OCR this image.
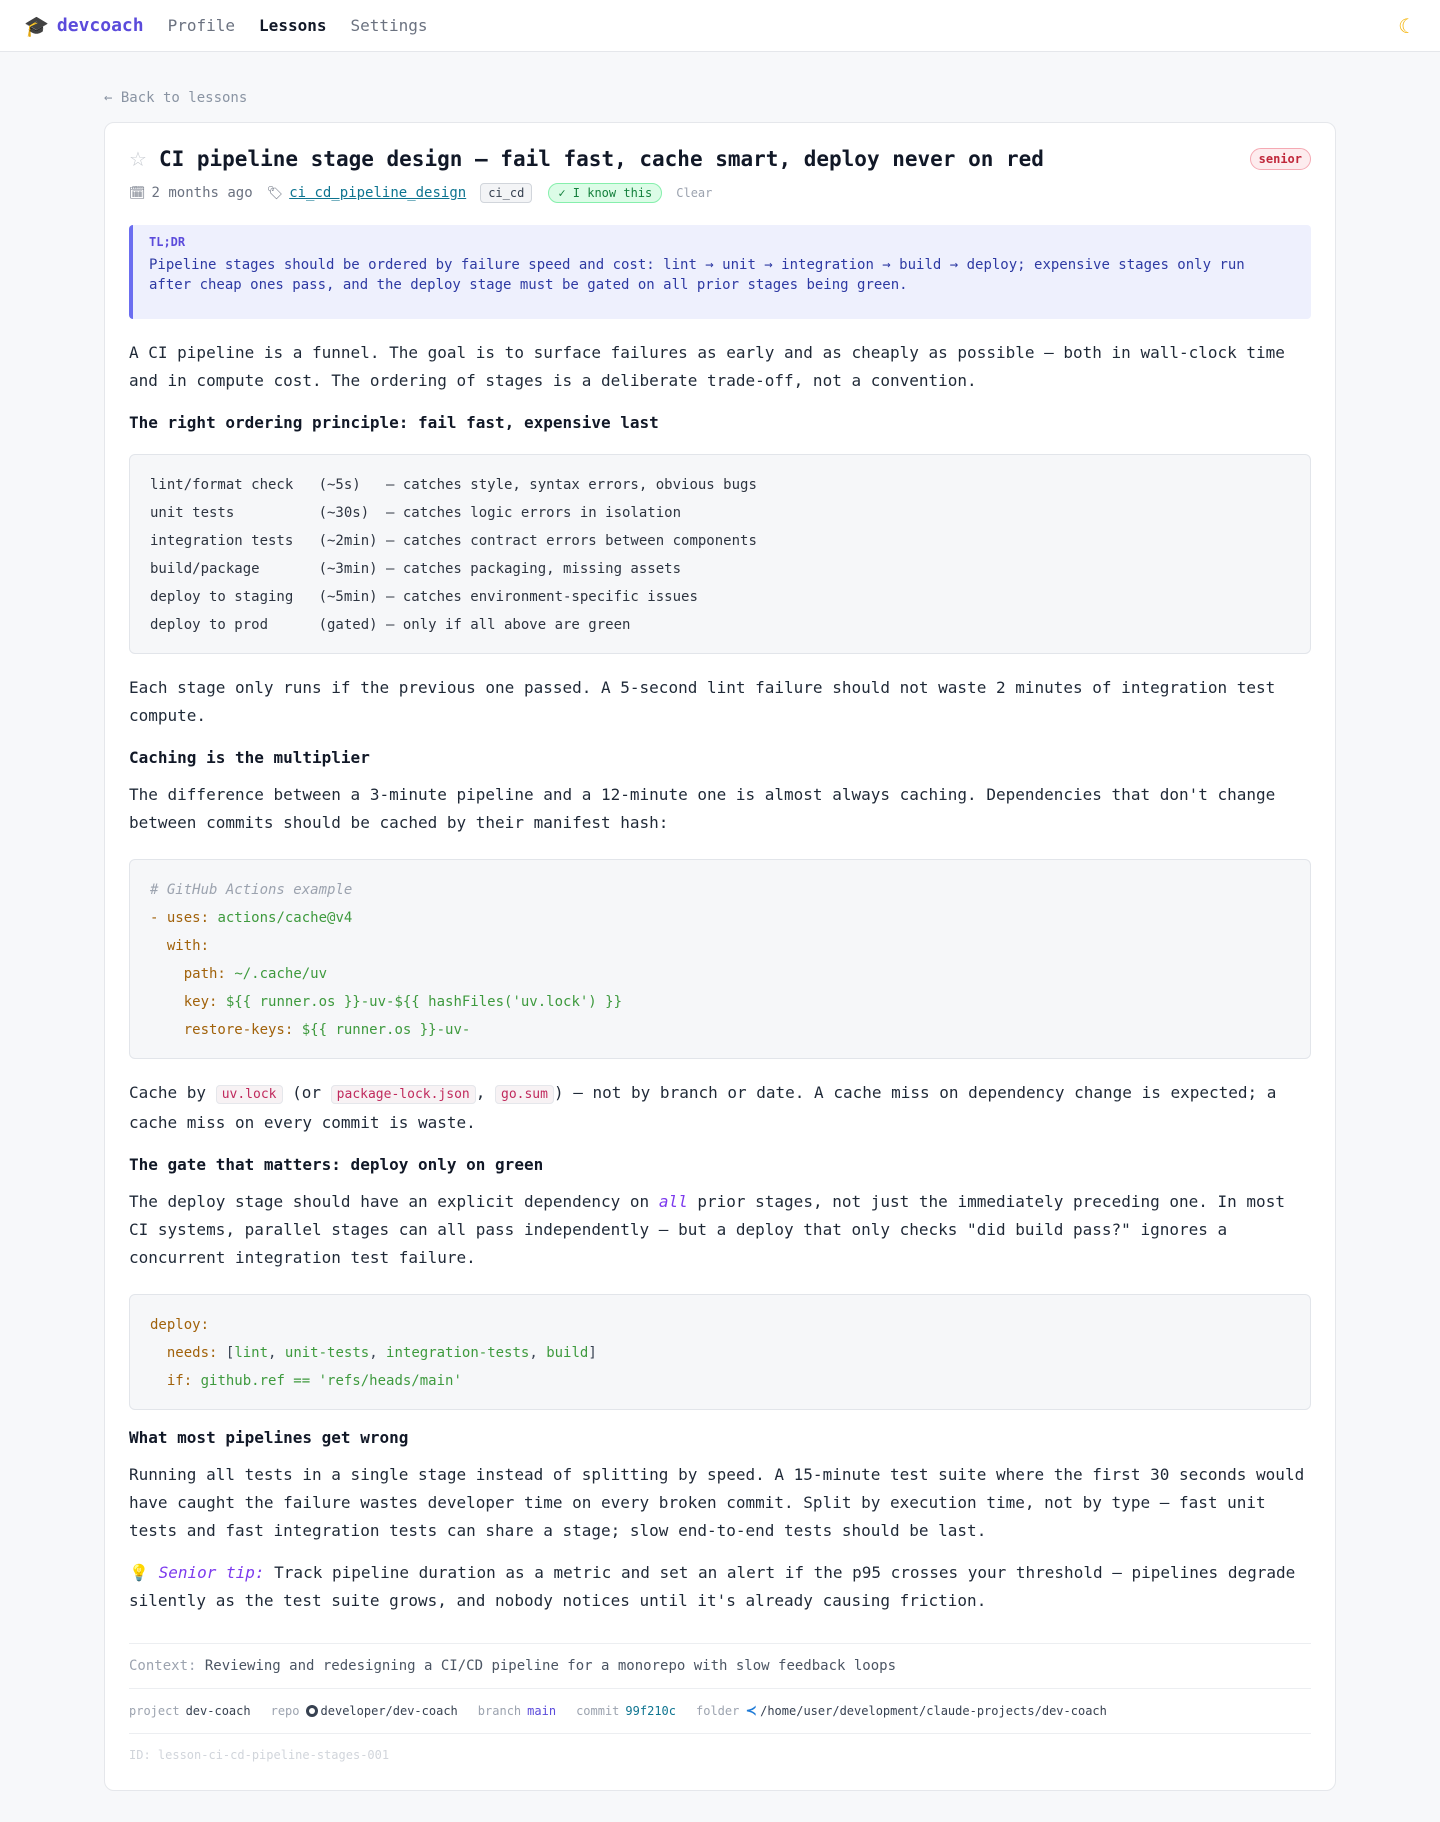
🎓 devcoach Profile Lessons Settings	☾
← Back to lessons
☆ CI pipeline stage design — fail fast, cache smart, deploy never on red	senior
🗓 2 months ago 🏷 ci_cd_pipeline_design	ci_cd	✓ I know this	Clear
TL;DR
Pipeline stages should be ordered by failure speed and cost: lint → unit → integration → build → deploy; expensive stages only run after cheap ones pass, and the deploy stage must be gated on all prior stages being green.

A CI pipeline is a funnel. The goal is to surface failures as early and as cheaply as possible — both in wall-clock time and in compute cost. The ordering of stages is a deliberate trade-off, not a convention.

The right ordering principle: fail fast, expensive last
lint/format check   (~5s)   — catches style, syntax errors, obvious bugs
unit tests          (~30s)  — catches logic errors in isolation
integration tests   (~2min) — catches contract errors between components
build/package       (~3min) — catches packaging, missing assets
deploy to staging   (~5min) — catches environment-specific issues
deploy to prod      (gated) — only if all above are green

Each stage only runs if the previous one passed. A 5-second lint failure should not waste 2 minutes of integration test compute.

Caching is the multiplier

The difference between a 3-minute pipeline and a 12-minute one is almost always caching. Dependencies that don't change between commits should be cached by their manifest hash:

# GitHub Actions example
- uses: actions/cache@v4
with:
path: ~/.cache/uv
key: ${{ runner.os }}-uv-${{ hashFiles('uv.lock') }}
restore-keys: ${{ runner.os }}-uv-

Cache by uv.lock (or package-lock.json , go.sum ) — not by branch or date. A cache miss on dependency change is expected; a cache miss on every commit is waste.

The gate that matters: deploy only on green

The deploy stage should have an explicit dependency on all prior stages, not just the immediately preceding one. In most CI systems, parallel stages can all pass independently — but a deploy that only checks "did build pass?" ignores a concurrent integration test failure.

deploy:
needs: [lint, unit-tests, integration-tests, build]
if: github.ref == 'refs/heads/main'
What most pipelines get wrong

Running all tests in a single stage instead of splitting by speed. A 15-minute test suite where the first 30 seconds would have caught the failure wastes developer time on every broken commit. Split by execution time, not by type — fast unit tests and fast integration tests can share a stage; slow end-to-end tests should be last.

💡 Senior tip: Track pipeline duration as a metric and set an alert if the p95 crosses your threshold — pipelines degrade silently as the test suite grows, and nobody notices until it's already causing friction.

Context: Reviewing and redesigning a CI/CD pipeline for a monorepo with slow feedback loops
project dev-coach repo developer/dev-coach branch main commit 99f210c folder ≺ /home/user/development/claude-projects/dev-coach
ID: lesson-ci-cd-pipeline-stages-001
